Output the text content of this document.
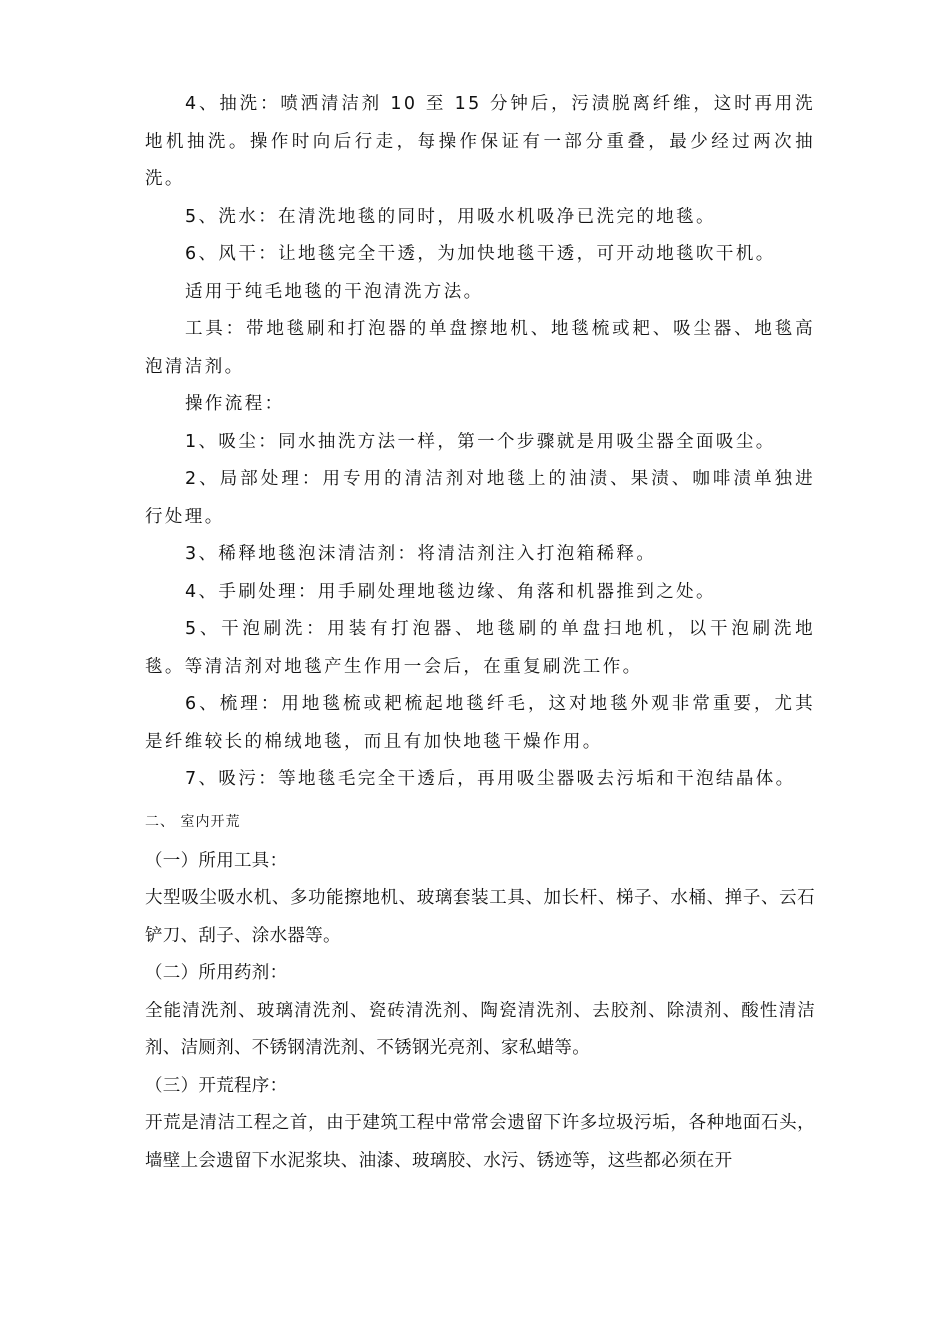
4、抽洗：喷洒清洁剂 10 至 15 分钟后，污渍脱离纤维，这时再用洗地机抽洗。操作时向后行走，每操作保证有一部分重叠，最少经过两次抽洗。

5、洗水：在清洗地毯的同时，用吸水机吸净已洗完的地毯。

6、风干：让地毯完全干透，为加快地毯干透，可开动地毯吹干机。

适用于纯毛地毯的干泡清洗方法。

工具：带地毯刷和打泡器的单盘擦地机、地毯梳或耙、吸尘器、地毯高泡清洁剂。

操作流程：

1、吸尘：同水抽洗方法一样，第一个步骤就是用吸尘器全面吸尘。

2、局部处理：用专用的清洁剂对地毯上的油渍、果渍、咖啡渍单独进行处理。

3、稀释地毯泡沫清洁剂：将清洁剂注入打泡箱稀释。

4、手刷处理：用手刷处理地毯边缘、角落和机器推到之处。

5、干泡刷洗：用装有打泡器、地毯刷的单盘扫地机，以干泡刷洗地毯。等清洁剂对地毯产生作用一会后，在重复刷洗工作。

6、梳理：用地毯梳或耙梳起地毯纤毛，这对地毯外观非常重要，尤其是纤维较长的棉绒地毯，而且有加快地毯干燥作用。

7、吸污：等地毯毛完全干透后，再用吸尘器吸去污垢和干泡结晶体。

二、 室内开荒

（一）所用工具：

大型吸尘吸水机、多功能擦地机、玻璃套装工具、加长杆、梯子、水桶、掸子、云石铲刀、刮子、涂水器等。

（二）所用药剂：

全能清洗剂、玻璃清洗剂、瓷砖清洗剂、陶瓷清洗剂、去胶剂、除渍剂、酸性清洁剂、洁厕剂、不锈钢清洗剂、不锈钢光亮剂、家私蜡等。

（三）开荒程序：

开荒是清洁工程之首，由于建筑工程中常常会遗留下许多垃圾污垢，各种地面石头，墙壁上会遗留下水泥浆块、油漆、玻璃胶、水污、锈迹等，这些都必须在开
